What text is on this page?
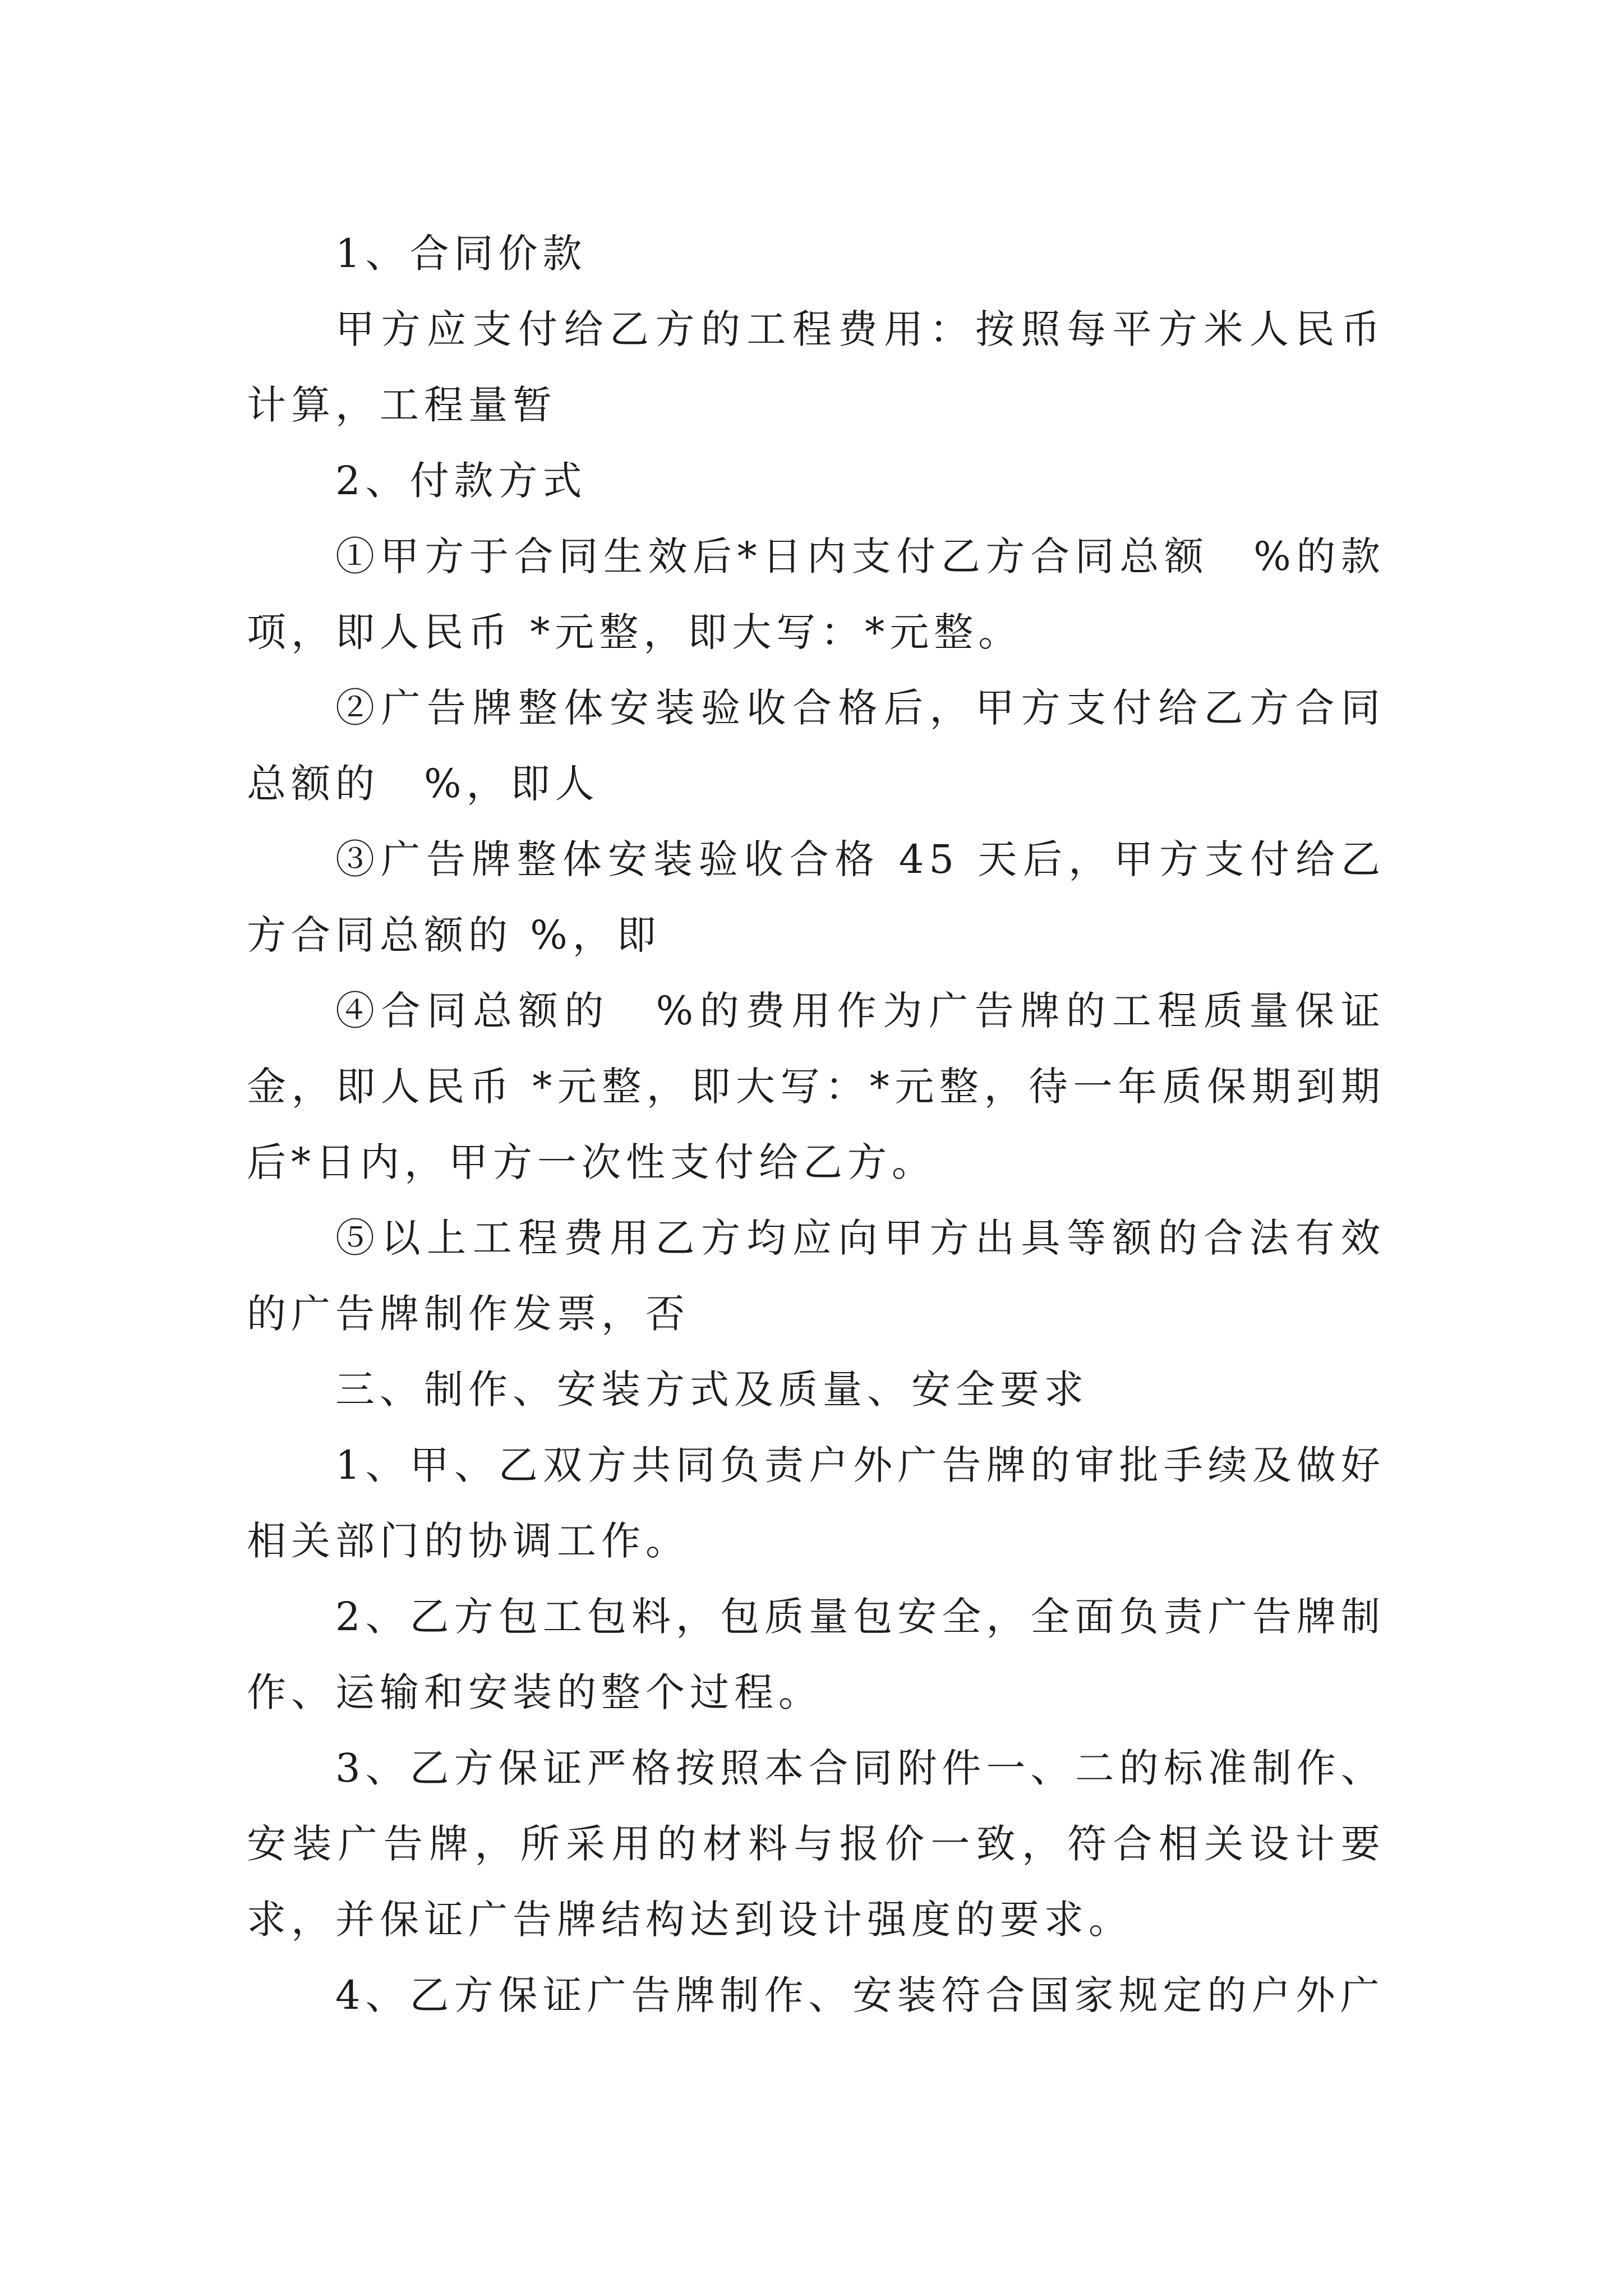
1、合同价款

甲方应支付给乙方的工程费用：按照每平方米人民币计算，工程量暂

2、付款方式

①甲方于合同生效后*日内支付乙方合同总额　%的款项，即人民币 *元整，即大写：*元整。

②广告牌整体安装验收合格后，甲方支付给乙方合同总额的　%，即人

③广告牌整体安装验收合格 45 天后，甲方支付给乙方合同总额的 %，即

④合同总额的　%的费用作为广告牌的工程质量保证金，即人民币 *元整，即大写：*元整，待一年质保期到期后*日内，甲方一次性支付给乙方。

⑤以上工程费用乙方均应向甲方出具等额的合法有效的广告牌制作发票，否

三、制作、安装方式及质量、安全要求

1、甲、乙双方共同负责户外广告牌的审批手续及做好相关部门的协调工作。

2、乙方包工包料，包质量包安全，全面负责广告牌制作、运输和安装的整个过程。

3、乙方保证严格按照本合同附件一、二的标准制作、安装广告牌，所采用的材料与报价一致，符合相关设计要求，并保证广告牌结构达到设计强度的要求。

4、乙方保证广告牌制作、安装符合国家规定的户外广
